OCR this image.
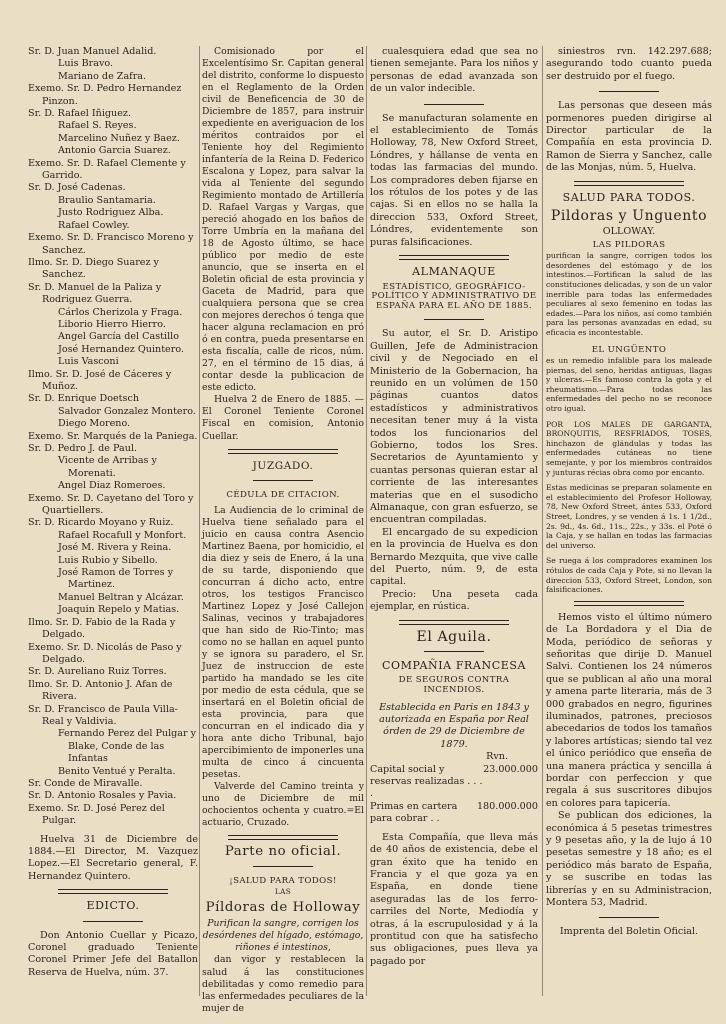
Sr. D. Juan Manuel Adalid.

Luis Bravo.

Mariano de Zafra.

Exemo. Sr. D. Pedro Hernandez Pinzon.

Sr. D. Rafael Iñiguez.

Rafael S. Reyes.

Marcelino Nuñez y Baez.

Antonio Garcia Suarez.

Exemo. Sr. D. Rafael Clemente y Garrido.

Sr. D. José Cadenas.

Braulio Santamaria.

Justo Rodriguez Alba.

Rafael Cowley.

Exemo. Sr. D. Francisco Moreno y Sanchez.

Ilmo. Sr. D. Diego Suarez y Sanchez.

Sr. D. Manuel de la Paliza y Rodriguez Guerra.

Cárlos Cherizola y Fraga.

Liborio Hierro Hierro.

Angel García del Castillo

José Hernandez Quintero.

Luis Vasconi

Ilmo. Sr. D. José de Cáceres y Muñoz.

Sr. D. Enrique Doetsch

Salvador Gonzalez Montero.

Diego Moreno.

Exemo. Sr. Marqués de la Paniega.

Sr. D. Pedro J. de Paul.

Vicente de Arribas y Morenati.

Angel Diaz Romeroes.

Exemo. Sr. D. Cayetano del Toro y Quartiellers.

Sr. D. Ricardo Moyano y Ruiz.

Rafael Rocafull y Monfort.

José M. Rivera y Reina.

Luis Rubio y Sibello.

José Ramon de Torres y Martinez.

Manuel Beltran y Alcázar.

Joaquin Repelo y Matias.

Ilmo. Sr. D. Fabio de la Rada y Delgado.

Exemo. Sr. D. Nicolás de Paso y Delgado.

Sr. D. Aureliano Ruiz Torres.

Ilmo. Sr. D. Antonio J. Afan de Rivera.

Sr. D. Francisco de Paula Villa-Real y Valdivia.

Fernando Perez del Pulgar y Blake, Conde de las Infantas

Benito Ventué y Peralta.

Sr. Conde de Miravalle.

Sr. D. Antonio Rosales y Pavia.

Exemo. Sr. D. José Perez del Pulgar.

Huelva 31 de Diciembre de 1884.—El Director, M. Vazquez Lopez.—El Secretario general, F. Hernandez Quintero.

EDICTO.

Don Antonio Cuellar y Picazo, Coronel graduado Teniente Coronel Primer Jefe del Batallon Reserva de Huelva, núm. 37.

Comisionado por el Excelentísimo Sr. Capitan general del distrito, conforme lo dispuesto en el Reglamento de la Orden civil de Beneficencia de 30 de Diciembre de 1857, para instruir expediente en averiguacion de los méritos contraidos por el Teniente hoy del Regimiento infantería de la Reina D. Federico Escalona y Lopez, para salvar la vida al Teniente del segundo Regimiento montado de Artillería D. Rafael Vargas y Vargas, que pereció ahogado en los baños de Torre Umbría en la mañana del 18 de Agosto último, se hace público por medio de este anuncio, que se inserta en el Boletin oficial de esta provincia y Gaceta de Madrid, para que cualquiera persona que se crea con mejores derechos ó tenga que hacer alguna reclamacion en pró ó en contra, pueda presentarse en esta fiscalía, calle de ricos, núm. 27, en el término de 15 dias, á contar desde la publicacion de este edicto.

Huelva 2 de Enero de 1885. —El Coronel Teniente Coronel Fiscal en comision, Antonio Cuellar.

JUZGADO.
CÉDULA DE CITACION.

La Audiencia de lo criminal de Huelva tiene señalado para el juicio en causa contra Asencio Martinez Baena, por homicidio, el dia diez y seis de Enero, á la una de su tarde, disponiendo que concurran á dicho acto, entre otros, los testigos Francisco Martinez Lopez y José Callejon Salinas, vecinos y trabajadores que han sido de Rio-Tinto; mas como no se hallan en aquel punto y se ignora su paradero, el Sr. Juez de instruccion de este partido ha mandado se les cite por medio de esta cédula, que se insertará en el Boletin oficial de esta provincia, para que concurran en el indicado dia y hora ante dicho Tribunal, bajo apercibimiento de imponerles una multa de cinco á cincuenta pesetas.

Valverde del Camino treinta y uno de Diciembre de mil ochocientos ochenta y cuatro.=El actuario, Cruzado.

Parte no oficial.
¡SALUD PARA TODOS!
LAS
Píldoras de Holloway

Purifican la sangre, corrigen los desórdenes del hígado, estómago, riñones é intestinos,

dan vigor y restablecen la salud á las constituciones debilitadas y como remedio para las enfermedades peculiares de la mujer de

cualesquiera edad que sea no tienen semejante. Para los niños y personas de edad avanzada son de un valor indecible.

Se manufacturan solamente en el establecimiento de Tomás Holloway, 78, New Oxford Street, Lóndres, y hállanse de venta en todas las farmacias del mundo. Los compradores deben fijarse en los rótulos de los potes y de las cajas. Si en ellos no se halla la direccion 533, Oxford Street, Lóndres, evidentemente son puras falsificaciones.

ALMANAQUE

ESTADÍSTICO, GEOGRÁFICO-POLÍTICO Y ADMINISTRATIVO DE ESPAÑA PARA EL AÑO DE 1885.

Su autor, el Sr. D. Aristipo Guillen, Jefe de Administracion civil y de Negociado en el Ministerio de la Gobernacion, ha reunido en un volúmen de 150 páginas cuantos datos estadísticos y administrativos necesitan tener muy á la vista todos los funcionarios del Gobierno, todos los Sres. Secretarios de Ayuntamiento y cuantas personas quieran estar al corriente de las interesantes materias que en el susodicho Almanaque, con gran esfuerzo, se encuentran compiladas.

El encargado de su expedicion en la provincia de Huelva es don Bernardo Mezquita, que vive calle del Puerto, núm. 9, de esta capital.

Precio: Una peseta cada ejemplar, en rústica.

El Aguila.
COMPAÑIA FRANCESA
DE SEGUROS CONTRA INCENDIOS.

Establecida en Paris en 1843 y autorizada en España por Real órden de 29 de Diciembre de 1879.

Rvn.
Capital social y reservas realizadas . . . .
23.000.000
Primas en cartera para cobrar . .
180.000.000

Esta Compañía, que lleva más de 40 años de existencia, debe el gran éxito que ha tenido en Francia y el que goza ya en España, en donde tiene aseguradas las de los ferro-carriles del Norte, Mediodía y otras, á la escrupulosidad y á la prontitud con que ha satisfecho sus obligaciones, pues lleva ya pagado por

siniestros rvn. 142.297.688; asegurando todo cuanto pueda ser destruido por el fuego.

Las personas que deseen más pormenores pueden dirigirse al Director particular de la Compañía en esta provincia D. Ramon de Sierra y Sanchez, calle de las Monjas, núm. 5, Huelva.

SALUD PARA TODOS.
Pildoras y Unguento
OLLOWAY.
LAS PILDORAS

purifican la sangre, corrigen todos los desordenes del estómago y de los intestinos.—Fortifican la salud de las constituciones delicadas, y son de un valor inerrible para todas las enfermedades peculiares al sexo femenino en todas las edades.—Para los niños, así como también para las personas avanzadas en edad, su eficacia es incontestable.

EL UNGÜENTO

es un remedio infalible para los maleade piernas, del seno, heridas antiguas, llagas y ulceras.—Es famoso contra la gota y el rheumatismo.—Para todas las enfermedades del pecho no se reconoce otro igual.

POR LOS MALES DE GARGANTA, BRONQUITIS, RESFRIADOS, TOSES, hinchazon de glándulas y todas las enfermedades cutáneas no tiene semejante, y por los miembros contraidos y junturas récias obra como por encanto.

Estas medicinas se preparan solamente en el establecimiento del Profesor Holloway, 78, New Oxford Street, ántes 533, Oxford Street, Londres, y se venden á 1s. 1 1/2d., 2s. 9d., 4s. 6d., 11s., 22s., y 33s. el Poté ó la Caja, y se hallan en todas las farmacias del universo.

Se ruega á los compradores examinen los rótulos de cada Caja y Pote, si no llevan la direccion 533, Oxford Street, London, son falsificaciones.

Hemos visto el último número de La Bordadora y el Dia de Moda, periódico de señoras y señoritas que dirije D. Manuel Salvi. Contienen los 24 números que se publican al año una moral y amena parte literaria, más de 3 000 grabados en negro, figurines iluminados, patrones, preciosos abecedarios de todos los tamaños y labores artísticas; siendo tal vez el único periódico que enseña de una manera práctica y sencilla á bordar con perfeccion y que regala á sus suscritores dibujos en colores para tapicería.

Se publican dos ediciones, la económica á 5 pesetas trimestres y 9 pesetas año, y la de lujo á 10 pesetas semestre y 18 año; es el periódico más barato de España, y se suscribe en todas las librerías y en su Administracion, Montera 53, Madrid.

Imprenta del Boletin Oficial.
